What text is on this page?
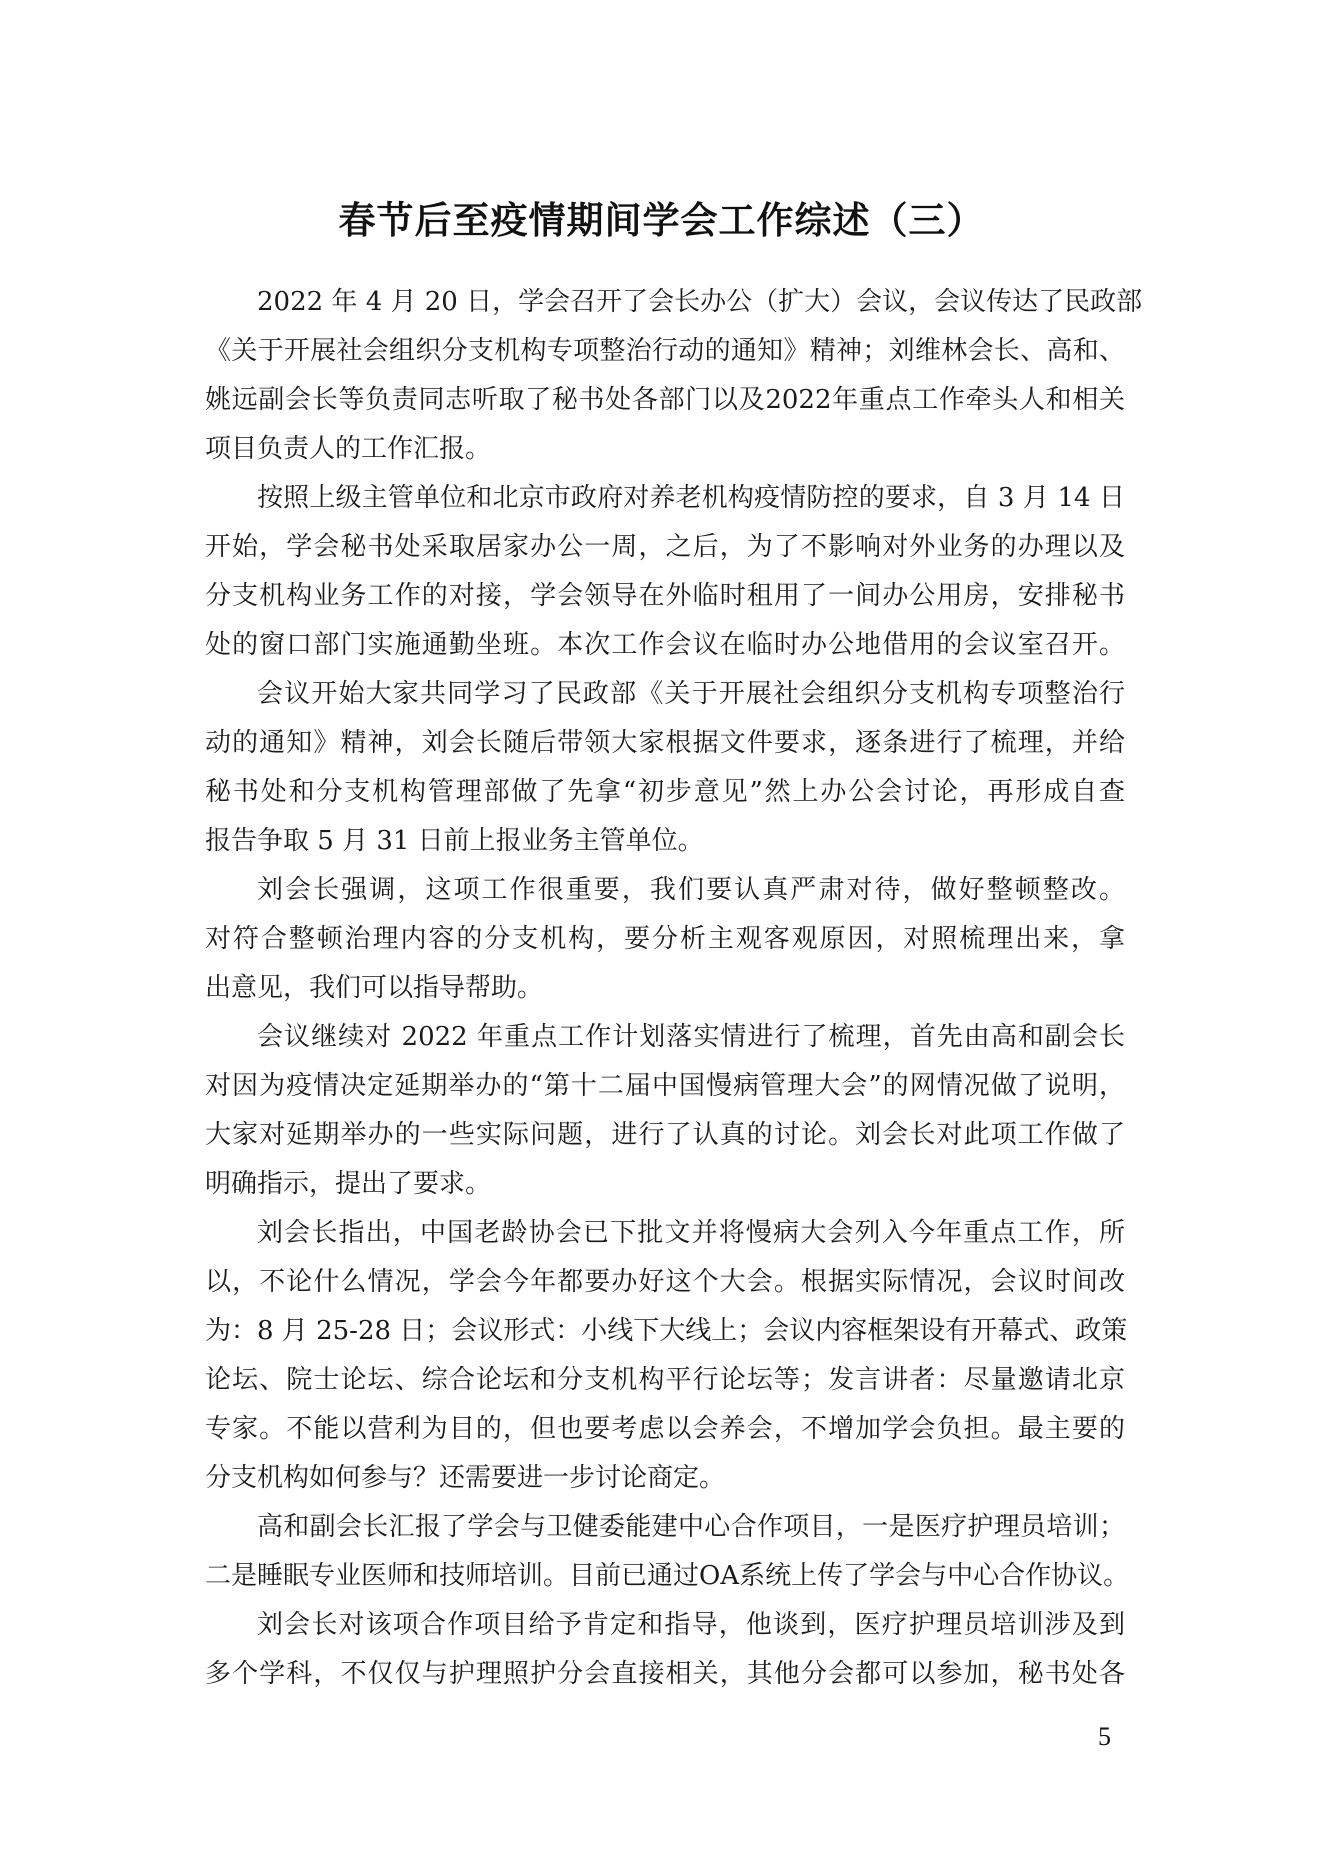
春节后至疫情期间学会工作综述（三）
2022 年 4 月 20 日，学会召开了会长办公（扩大）会议，会议传达了民政部
《关于开展社会组织分支机构专项整治行动的通知》精神；刘维林会长、高和、
姚远副会长等负责同志听取了秘书处各部门以及2022年重点工作牵头人和相关
项目负责人的工作汇报。
按照上级主管单位和北京市政府对养老机构疫情防控的要求，自 3 月 14 日
开始，学会秘书处采取居家办公一周，之后，为了不影响对外业务的办理以及
分支机构业务工作的对接，学会领导在外临时租用了一间办公用房，安排秘书
处的窗口部门实施通勤坐班。本次工作会议在临时办公地借用的会议室召开。
会议开始大家共同学习了民政部《关于开展社会组织分支机构专项整治行
动的通知》精神，刘会长随后带领大家根据文件要求，逐条进行了梳理，并给
秘书处和分支机构管理部做了先拿“初步意见”然上办公会讨论，再形成自查
报告争取 5 月 31 日前上报业务主管单位。
刘会长强调，这项工作很重要，我们要认真严肃对待，做好整顿整改。
对符合整顿治理内容的分支机构，要分析主观客观原因，对照梳理出来，拿
出意见，我们可以指导帮助。
会议继续对 2022 年重点工作计划落实情进行了梳理，首先由高和副会长
对因为疫情决定延期举办的“第十二届中国慢病管理大会”的网情况做了说明，
大家对延期举办的一些实际问题，进行了认真的讨论。刘会长对此项工作做了
明确指示，提出了要求。
刘会长指出，中国老龄协会已下批文并将慢病大会列入今年重点工作，所
以，不论什么情况，学会今年都要办好这个大会。根据实际情况，会议时间改
为：8 月 25-28 日；会议形式：小线下大线上；会议内容框架设有开幕式、政策
论坛、院士论坛、综合论坛和分支机构平行论坛等；发言讲者：尽量邀请北京
专家。不能以营利为目的，但也要考虑以会养会，不增加学会负担。最主要的
分支机构如何参与？还需要进一步讨论商定。
高和副会长汇报了学会与卫健委能建中心合作项目，一是医疗护理员培训；
二是睡眠专业医师和技师培训。目前已通过OA系统上传了学会与中心合作协议。
刘会长对该项合作项目给予肯定和指导，他谈到，医疗护理员培训涉及到
多个学科，不仅仅与护理照护分会直接相关，其他分会都可以参加，秘书处各
5
